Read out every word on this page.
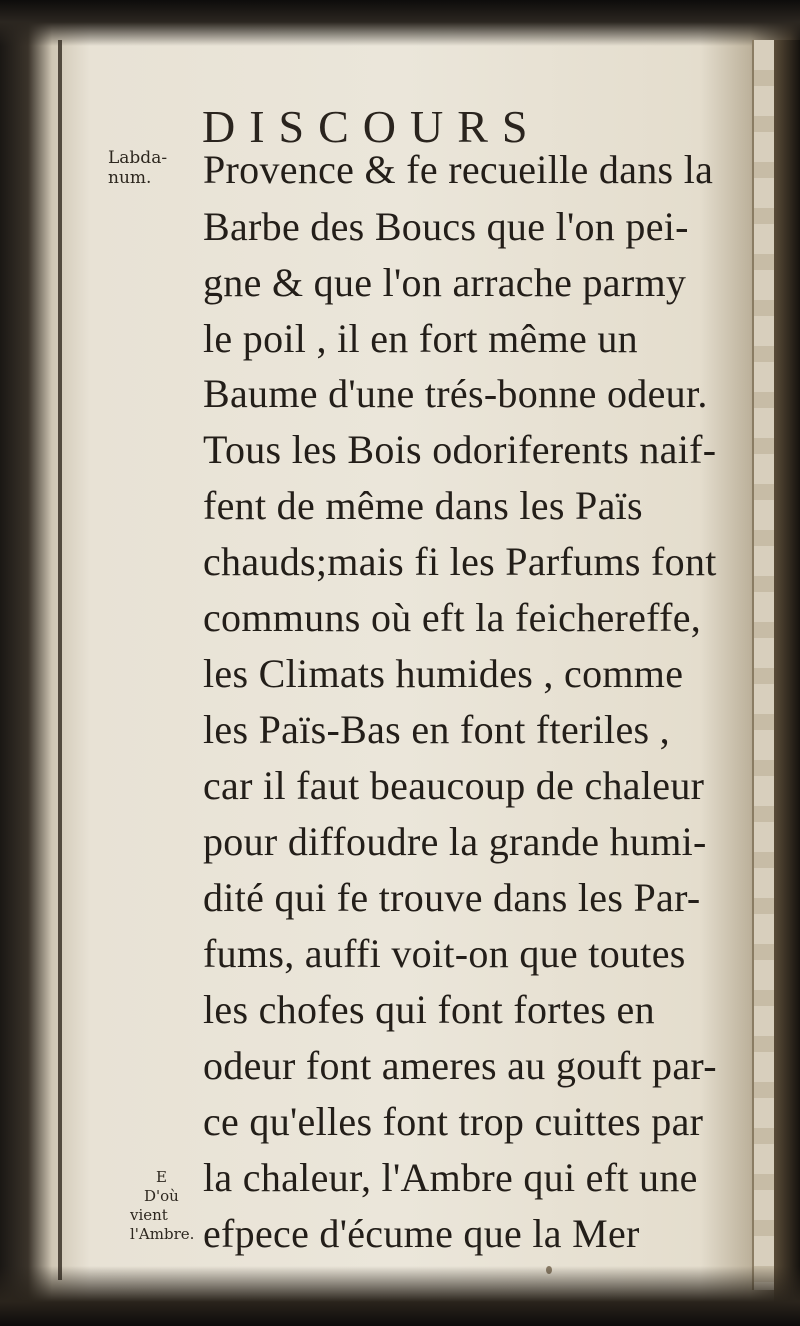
DISCOURS
Labda-
num.	Provence & fe recueille dans la
Barbe des Boucs que l'on pei-
gne & que l'on arrache parmy
le poil , il en fort même un
Baume d'une trés-bonne odeur.
Tous les Bois odoriferents naif-
fent de même dans les Païs
chauds;mais fi les Parfums font
communs où eft la feichereffe,
les Climats humides , comme
les Païs-Bas en font fteriles ,
car il faut beaucoup de chaleur
pour diffoudre la grande humi-
dité qui fe trouve dans les Par-
fums, auffi voit-on que toutes
les chofes qui font fortes en
odeur font ameres au gouft par-
ce qu'elles font trop cuittes par
la chaleur, l'Ambre qui eft une
efpece d'écume que la Mer
E
D'où
vient
l'Ambre.
